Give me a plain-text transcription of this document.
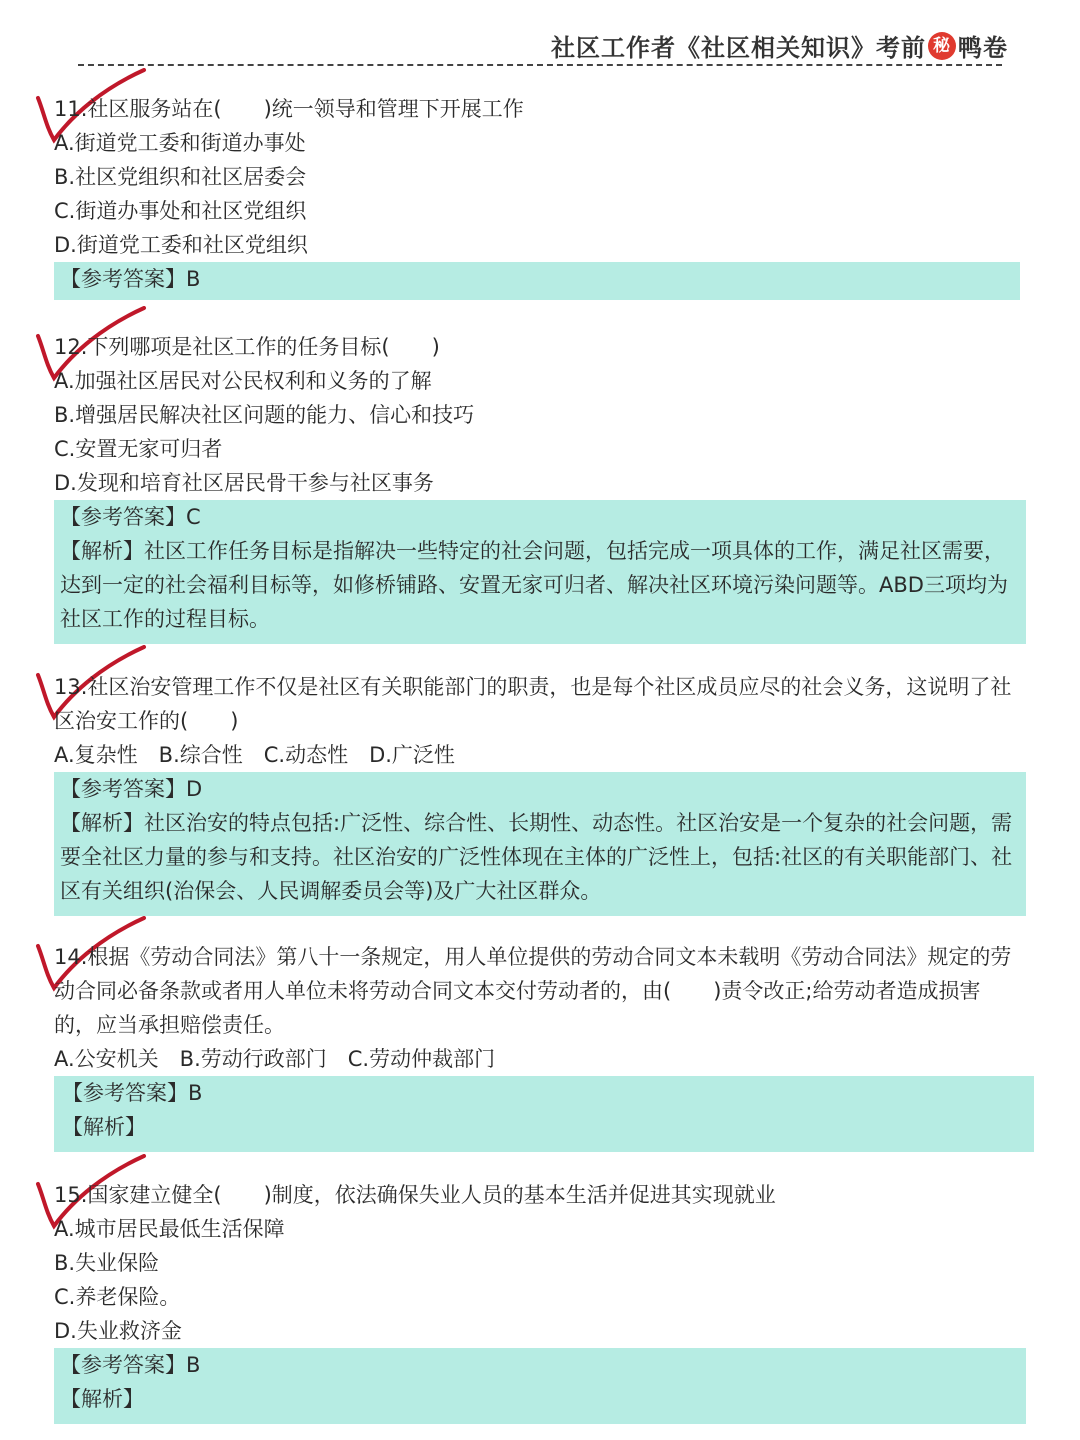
社区工作者《社区相关知识》考前 秘 鸭卷
11.社区服务站在(　　)统一领导和管理下开展工作
A.街道党工委和街道办事处
B.社区党组织和社区居委会
C.街道办事处和社区党组织
D.街道党工委和社区党组织
【参考答案】B
12.下列哪项是社区工作的任务目标(　　)
A.加强社区居民对公民权利和义务的了解
B.增强居民解决社区问题的能力、信心和技巧
C.安置无家可归者
D.发现和培育社区居民骨干参与社区事务
【参考答案】C
【解析】社区工作任务目标是指解决一些特定的社会问题，包括完成一项具体的工作，满足社区需要，达到一定的社会福利目标等，如修桥铺路、安置无家可归者、解决社区环境污染问题等。ABD三项均为社区工作的过程目标。
13.社区治安管理工作不仅是社区有关职能部门的职责，也是每个社区成员应尽的社会义务，这说明了社区治安工作的(　　)
A.复杂性　B.综合性　C.动态性　D.广泛性
【参考答案】D
【解析】社区治安的特点包括:广泛性、综合性、长期性、动态性。社区治安是一个复杂的社会问题，需要全社区力量的参与和支持。社区治安的广泛性体现在主体的广泛性上，包括:社区的有关职能部门、社区有关组织(治保会、人民调解委员会等)及广大社区群众。
14.根据《劳动合同法》第八十一条规定，用人单位提供的劳动合同文本未载明《劳动合同法》规定的劳动合同必备条款或者用人单位未将劳动合同文本交付劳动者的，由(　　)责令改正;给劳动者造成损害的，应当承担赔偿责任。
A.公安机关　B.劳动行政部门　C.劳动仲裁部门
【参考答案】B
【解析】
15.国家建立健全(　　)制度，依法确保失业人员的基本生活并促进其实现就业
A.城市居民最低生活保障
B.失业保险
C.养老保险。
D.失业救济金
【参考答案】B
【解析】
